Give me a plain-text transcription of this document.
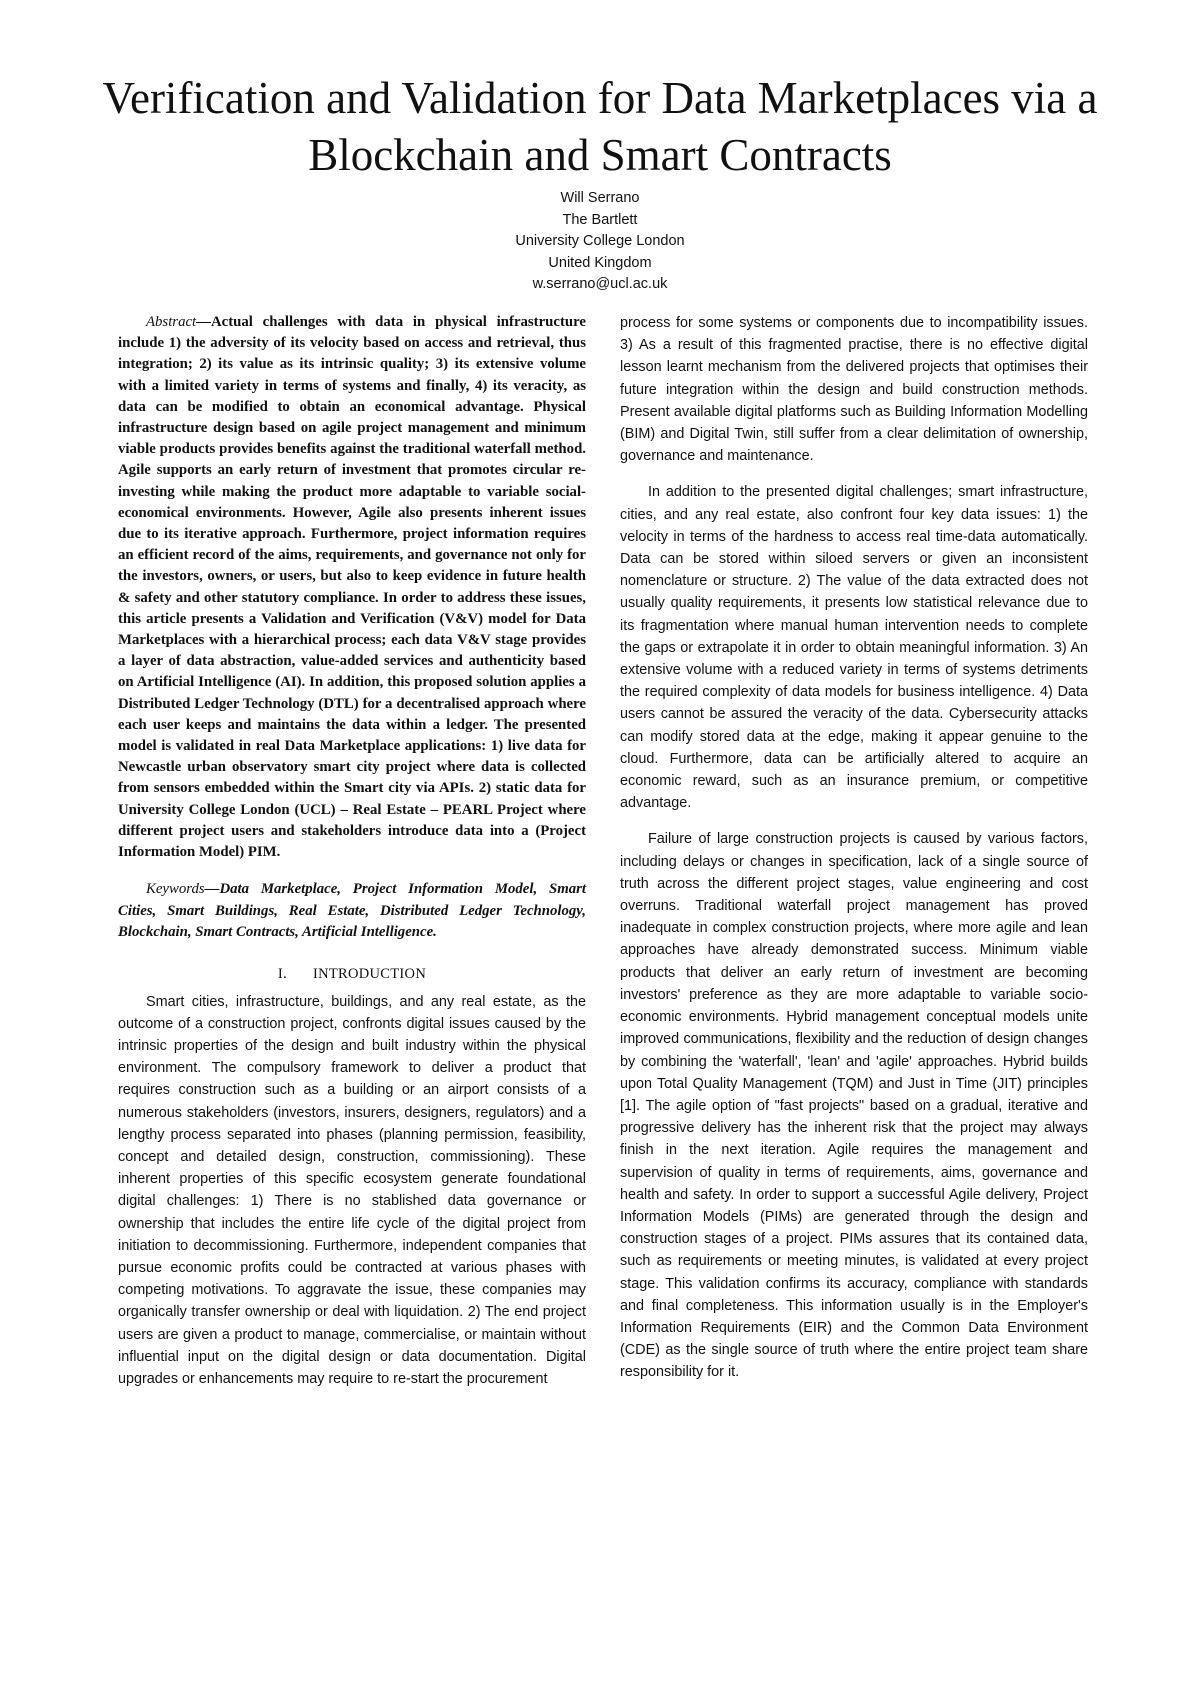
Verification and Validation for Data Marketplaces via a Blockchain and Smart Contracts
Will Serrano
The Bartlett
University College London
United Kingdom
w.serrano@ucl.ac.uk

Abstract—Actual challenges with data in physical infrastructure include 1) the adversity of its velocity based on access and retrieval, thus integration; 2) its value as its intrinsic quality; 3) its extensive volume with a limited variety in terms of systems and finally, 4) its veracity, as data can be modified to obtain an economical advantage. Physical infrastructure design based on agile project management and minimum viable products provides benefits against the traditional waterfall method. Agile supports an early return of investment that promotes circular re-investing while making the product more adaptable to variable social-economical environments. However, Agile also presents inherent issues due to its iterative approach. Furthermore, project information requires an efficient record of the aims, requirements, and governance not only for the investors, owners, or users, but also to keep evidence in future health & safety and other statutory compliance. In order to address these issues, this article presents a Validation and Verification (V&V) model for Data Marketplaces with a hierarchical process; each data V&V stage provides a layer of data abstraction, value-added services and authenticity based on Artificial Intelligence (AI). In addition, this proposed solution applies a Distributed Ledger Technology (DTL) for a decentralised approach where each user keeps and maintains the data within a ledger. The presented model is validated in real Data Marketplace applications: 1) live data for Newcastle urban observatory smart city project where data is collected from sensors embedded within the Smart city via APIs. 2) static data for University College London (UCL) – Real Estate – PEARL Project where different project users and stakeholders introduce data into a (Project Information Model) PIM.

Keywords—Data Marketplace, Project Information Model, Smart Cities, Smart Buildings, Real Estate, Distributed Ledger Technology, Blockchain, Smart Contracts, Artificial Intelligence.

I. INTRODUCTION

Smart cities, infrastructure, buildings, and any real estate, as the outcome of a construction project, confronts digital issues caused by the intrinsic properties of the design and built industry within the physical environment. The compulsory framework to deliver a product that requires construction such as a building or an airport consists of a numerous stakeholders (investors, insurers, designers, regulators) and a lengthy process separated into phases (planning permission, feasibility, concept and detailed design, construction, commissioning). These inherent properties of this specific ecosystem generate foundational digital challenges: 1) There is no stablished data governance or ownership that includes the entire life cycle of the digital project from initiation to decommissioning. Furthermore, independent companies that pursue economic profits could be contracted at various phases with competing motivations. To aggravate the issue, these companies may organically transfer ownership or deal with liquidation. 2) The end project users are given a product to manage, commercialise, or maintain without influential input on the digital design or data documentation. Digital upgrades or enhancements may require to re-start the procurement

process for some systems or components due to incompatibility issues. 3) As a result of this fragmented practise, there is no effective digital lesson learnt mechanism from the delivered projects that optimises their future integration within the design and build construction methods. Present available digital platforms such as Building Information Modelling (BIM) and Digital Twin, still suffer from a clear delimitation of ownership, governance and maintenance.

In addition to the presented digital challenges; smart infrastructure, cities, and any real estate, also confront four key data issues: 1) the velocity in terms of the hardness to access real time-data automatically. Data can be stored within siloed servers or given an inconsistent nomenclature or structure. 2) The value of the data extracted does not usually quality requirements, it presents low statistical relevance due to its fragmentation where manual human intervention needs to complete the gaps or extrapolate it in order to obtain meaningful information. 3) An extensive volume with a reduced variety in terms of systems detriments the required complexity of data models for business intelligence. 4) Data users cannot be assured the veracity of the data. Cybersecurity attacks can modify stored data at the edge, making it appear genuine to the cloud. Furthermore, data can be artificially altered to acquire an economic reward, such as an insurance premium, or competitive advantage.

Failure of large construction projects is caused by various factors, including delays or changes in specification, lack of a single source of truth across the different project stages, value engineering and cost overruns. Traditional waterfall project management has proved inadequate in complex construction projects, where more agile and lean approaches have already demonstrated success. Minimum viable products that deliver an early return of investment are becoming investors' preference as they are more adaptable to variable socio-economic environments. Hybrid management conceptual models unite improved communications, flexibility and the reduction of design changes by combining the 'waterfall', 'lean' and 'agile' approaches. Hybrid builds upon Total Quality Management (TQM) and Just in Time (JIT) principles [1]. The agile option of "fast projects" based on a gradual, iterative and progressive delivery has the inherent risk that the project may always finish in the next iteration. Agile requires the management and supervision of quality in terms of requirements, aims, governance and health and safety. In order to support a successful Agile delivery, Project Information Models (PIMs) are generated through the design and construction stages of a project. PIMs assures that its contained data, such as requirements or meeting minutes, is validated at every project stage. This validation confirms its accuracy, compliance with standards and final completeness. This information usually is in the Employer's Information Requirements (EIR) and the Common Data Environment (CDE) as the single source of truth where the entire project team share responsibility for it.
